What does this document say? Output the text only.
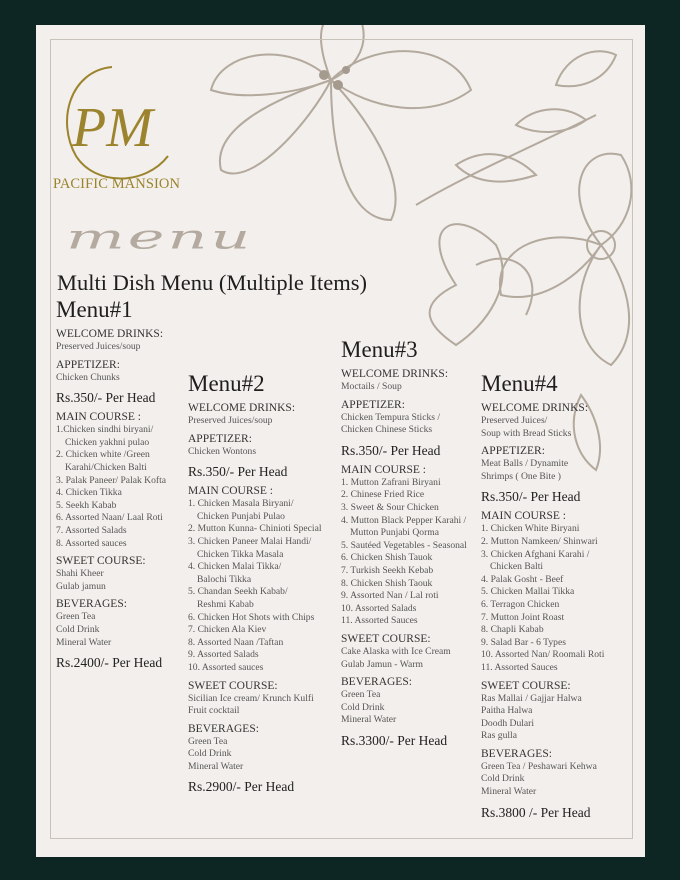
PM
PACIFIC MANSION
menu
Multi Dish Menu (Multiple Items)
Menu#1
WELCOME DRINKS:
Preserved Juices/soup
APPETIZER:
Chicken Chunks
Rs.350/- Per Head
MAIN COURSE :
1.Chicken sindhi biryani/
Chicken yakhni pulao
2. Chicken white /Green
Karahi/Chicken Balti
3. Palak Paneer/ Palak Kofta
4. Chicken Tikka
5. Seekh Kabab
6. Assorted Naan/ Laal Roti
7. Assorted Salads
8. Assorted sauces
SWEET COURSE:
Shahi Kheer
Gulab jamun
BEVERAGES:
Green Tea
Cold Drink
Mineral Water
Rs.2400/- Per Head
Menu#2
WELCOME DRINKS:
Preserved Juices/soup
APPETIZER:
Chicken Wontons
Rs.350/- Per Head
MAIN COURSE :
1. Chicken Masala Biryani/
Chicken Punjabi Pulao
2. Mutton Kunna- Chinioti Special
3. Chicken Paneer Malai Handi/
Chicken Tikka Masala
4. Chicken Malai Tikka/
Balochi Tikka
5. Chandan Seekh Kabab/
Reshmi Kabab
6. Chicken Hot Shots with Chips
7. Chicken Ala Kiev
8. Assorted Naan /Taftan
9. Assorted Salads
10. Assorted sauces
SWEET COURSE:
Sicilian Ice cream/ Krunch Kulfi
Fruit cocktail
BEVERAGES:
Green Tea
Cold Drink
Mineral Water
Rs.2900/- Per Head
Menu#3
WELCOME DRINKS:
Moctails / Soup
APPETIZER:
Chicken Tempura Sticks /
Chicken Chinese Sticks
Rs.350/- Per Head
MAIN COURSE :
1. Mutton Zafrani Biryani
2. Chinese Fried Rice
3. Sweet & Sour Chicken
4. Mutton Black Pepper Karahi /
Mutton Punjabi Qorma
5. Sautéed Vegetables - Seasonal
6. Chicken Shish Tauok
7. Turkish Seekh Kebab
8. Chicken Shish Taouk
9. Assorted Nan / Lal roti
10. Assorted Salads
11. Assorted Sauces
SWEET COURSE:
Cake Alaska with Ice Cream
Gulab Jamun - Warm
BEVERAGES:
Green Tea
Cold Drink
Mineral Water
Rs.3300/- Per Head
Menu#4
WELCOME DRINKS:
Preserved Juices/
Soup with Bread Sticks
APPETIZER:
Meat Balls / Dynamite
Shrimps ( One Bite )
Rs.350/- Per Head
MAIN COURSE :
1. Chicken White Biryani
2. Mutton Namkeen/ Shinwari
3. Chicken Afghani Karahi /
Chicken Balti
4. Palak Gosht - Beef
5. Chicken Mallai Tikka
6. Terragon Chicken
7. Mutton Joint Roast
8. Chapli Kabab
9. Salad Bar - 6 Types
10. Assorted Nan/ Roomali Roti
11. Assorted Sauces
SWEET COURSE:
Ras Mallai / Gajjar Halwa
Paitha Halwa
Doodh Dulari
Ras gulla
BEVERAGES:
Green Tea / Peshawari Kehwa
Cold Drink
Mineral Water
Rs.3800 /- Per Head
